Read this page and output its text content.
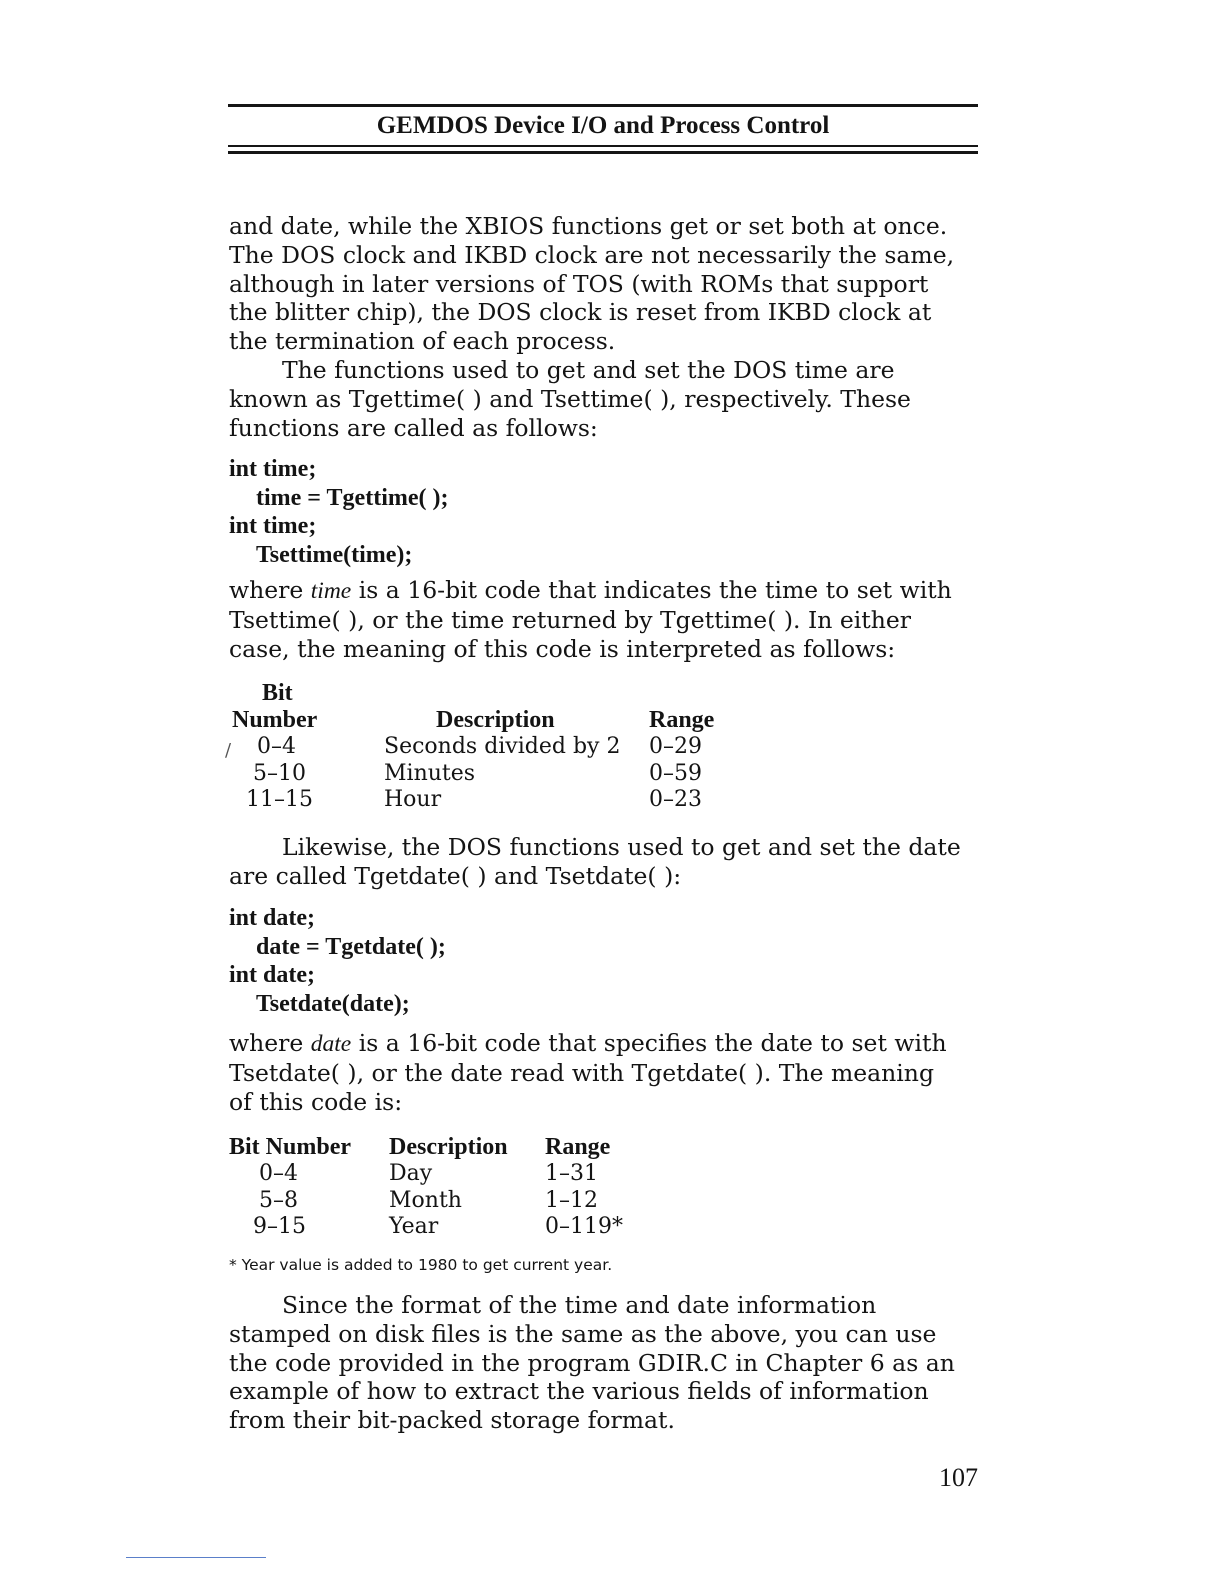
GEMDOS Device I/O and Process Control

and date, while the XBIOS functions get or set both at once.
The DOS clock and IKBD clock are not necessarily the same,
although in later versions of TOS (with ROMs that support
the blitter chip), the DOS clock is reset from IKBD clock at
the termination of each process.

The functions used to get and set the DOS time are
known as Tgettime( ) and Tsettime( ), respectively. These
functions are called as follows:

int time;
time = Tgettime( );
int time;
Tsettime(time);

where time is a 16-bit code that indicates the time to set with
Tsettime( ), or the time returned by Tgettime( ). In either
case, the meaning of this code is interpreted as follows:

/
Bit		
Number	Description	Range
0–4	Seconds divided by 2	0–29
5–10	Minutes	0–59
11–15	Hour	0–23

Likewise, the DOS functions used to get and set the date
are called Tgetdate( ) and Tsetdate( ):

int date;
date = Tgetdate( );
int date;
Tsetdate(date);

where date is a 16-bit code that specifies the date to set with
Tsetdate( ), or the date read with Tgetdate( ). The meaning
of this code is:

Bit Number	Description	Range
0–4	Day	1–31
5–8	Month	1–12
9–15	Year	0–119*

* Year value is added to 1980 to get current year.

Since the format of the time and date information
stamped on disk files is the same as the above, you can use
the code provided in the program GDIR.C in Chapter 6 as an
example of how to extract the various fields of information
from their bit-packed storage format.

107
